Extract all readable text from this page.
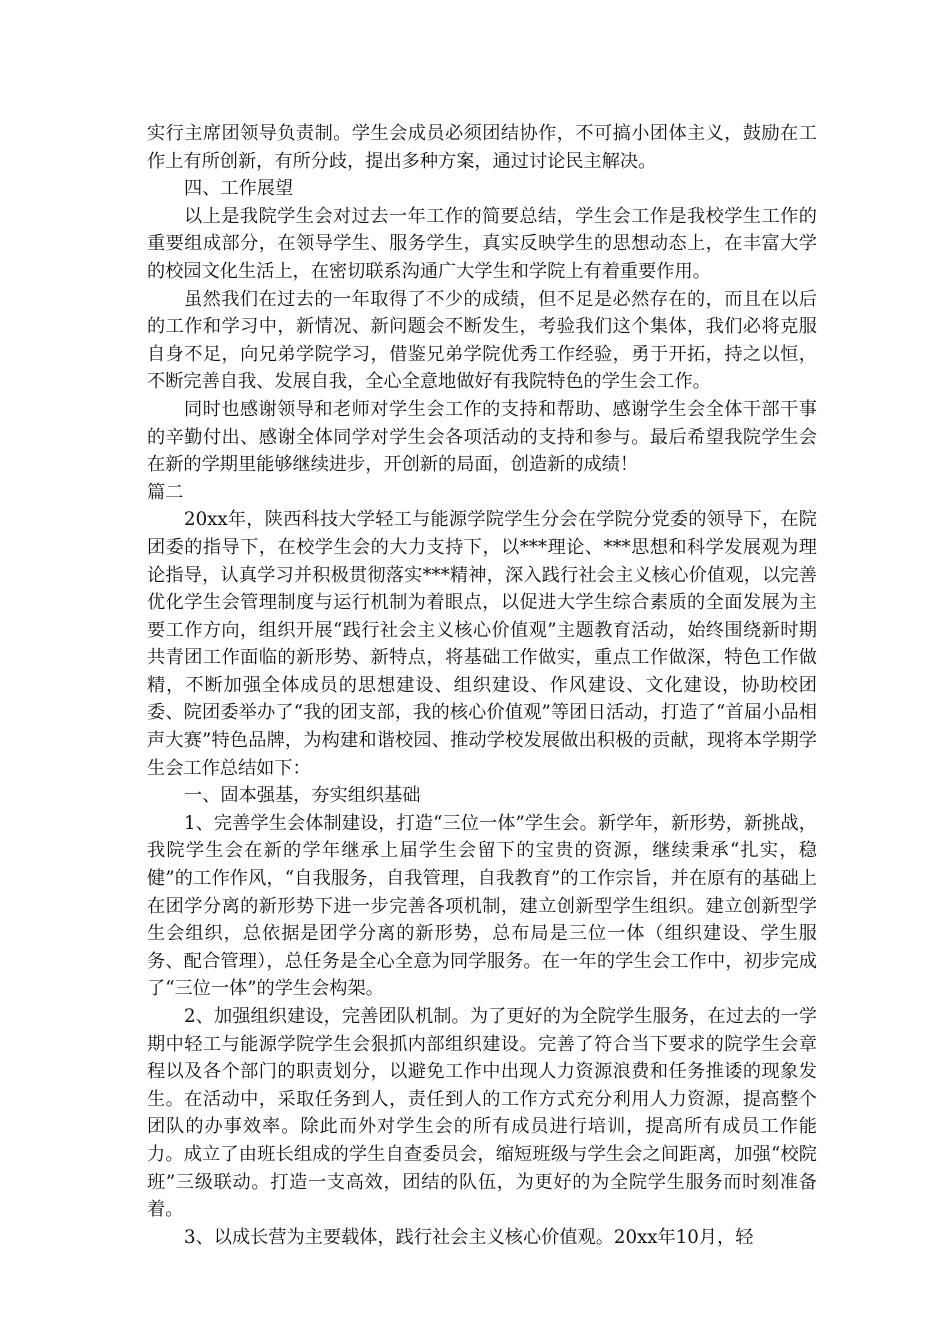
实行主席团领导负责制。学生会成员必须团结协作，不可搞小团体主义，鼓励在工作上有所创新，有所分歧，提出多种方案，通过讨论民主解决。

四、工作展望

以上是我院学生会对过去一年工作的简要总结，学生会工作是我校学生工作的重要组成部分，在领导学生、服务学生，真实反映学生的思想动态上，在丰富大学的校园文化生活上，在密切联系沟通广大学生和学院上有着重要作用。

虽然我们在过去的一年取得了不少的成绩，但不足是必然存在的，而且在以后的工作和学习中，新情况、新问题会不断发生，考验我们这个集体，我们必将克服自身不足，向兄弟学院学习，借鉴兄弟学院优秀工作经验，勇于开拓，持之以恒，不断完善自我、发展自我，全心全意地做好有我院特色的学生会工作。

同时也感谢领导和老师对学生会工作的支持和帮助、感谢学生会全体干部干事的辛勤付出、感谢全体同学对学生会各项活动的支持和参与。最后希望我院学生会在新的学期里能够继续进步，开创新的局面，创造新的成绩！

篇二

20xx年，陕西科技大学轻工与能源学院学生分会在学院分党委的领导下，在院团委的指导下，在校学生会的大力支持下，以***理论、***思想和科学发展观为理论指导，认真学习并积极贯彻落实***精神，深入践行社会主义核心价值观，以完善优化学生会管理制度与运行机制为着眼点，以促进大学生综合素质的全面发展为主要工作方向，组织开展“践行社会主义核心价值观”主题教育活动，始终围绕新时期共青团工作面临的新形势、新特点，将基础工作做实，重点工作做深，特色工作做精，不断加强全体成员的思想建设、组织建设、作风建设、文化建设，协助校团委、院团委举办了“我的团支部，我的核心价值观”等团日活动，打造了“首届小品相声大赛”特色品牌，为构建和谐校园、推动学校发展做出积极的贡献，现将本学期学生会工作总结如下：

一、固本强基，夯实组织基础

1、完善学生会体制建设，打造“三位一体”学生会。新学年，新形势，新挑战，我院学生会在新的学年继承上届学生会留下的宝贵的资源，继续秉承“扎实，稳健”的工作作风，“自我服务，自我管理，自我教育”的工作宗旨，并在原有的基础上在团学分离的新形势下进一步完善各项机制，建立创新型学生组织。建立创新型学生会组织，总依据是团学分离的新形势，总布局是三位一体（组织建设、学生服务、配合管理），总任务是全心全意为同学服务。在一年的学生会工作中，初步完成了“三位一体”的学生会构架。

2、加强组织建设，完善团队机制。为了更好的为全院学生服务，在过去的一学期中轻工与能源学院学生会狠抓内部组织建设。完善了符合当下要求的院学生会章程以及各个部门的职责划分，以避免工作中出现人力资源浪费和任务推诿的现象发生。在活动中，采取任务到人，责任到人的工作方式充分利用人力资源，提高整个团队的办事效率。除此而外对学生会的所有成员进行培训，提高所有成员工作能力。成立了由班长组成的学生自查委员会，缩短班级与学生会之间距离，加强“校院班”三级联动。打造一支高效，团结的队伍，为更好的为全院学生服务而时刻准备着。

3、以成长营为主要载体，践行社会主义核心价值观。20xx年10月，轻
